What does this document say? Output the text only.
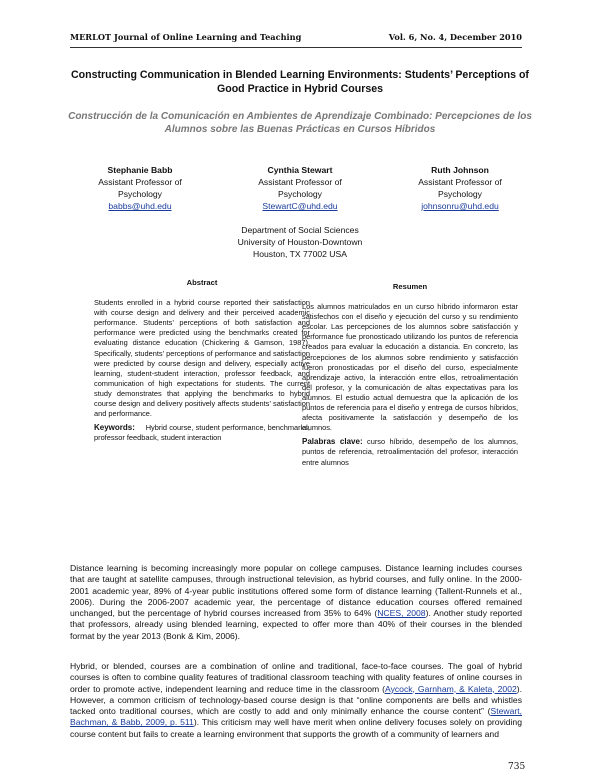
MERLOT Journal of Online Learning and Teaching	Vol. 6, No. 4, December 2010
Constructing Communication in Blended Learning Environments: Students’ Perceptions of Good Practice in Hybrid Courses
Construcción de la Comunicación en Ambientes de Aprendizaje Combinado: Percepciones de los Alumnos sobre las Buenas Prácticas en Cursos Híbridos
Stephanie Babb
Assistant Professor of
Psychology
babbs@uhd.edu
Cynthia Stewart
Assistant Professor of
Psychology
StewartC@uhd.edu
Ruth Johnson
Assistant Professor of
Psychology
johnsonru@uhd.edu
Department of Social Sciences
University of Houston-Downtown
Houston, TX 77002 USA
Abstract

Students enrolled in a hybrid course reported their satisfaction with course design and delivery and their perceived academic performance. Students’ perceptions of both satisfaction and performance were predicted using the benchmarks created for evaluating distance education (Chickering & Gamson, 1987). Specifically, students’ perceptions of performance and satisfaction were predicted by course design and delivery, especially active learning, student-student interaction, professor feedback, and communication of high expectations for students. The current study demonstrates that applying the benchmarks to hybrid course design and delivery positively affects students’ satisfaction and performance.

Keywords: Hybrid course, student performance, benchmarks, professor feedback, student interaction

Resumen

Los alumnos matriculados en un curso híbrido informaron estar satisfechos con el diseño y ejecución del curso y su rendimiento escolar. Las percepciones de los alumnos sobre satisfacción y performance fue pronosticado utilizando los puntos de referencia creados para evaluar la educación a distancia. En concreto, las percepciones de los alumnos sobre rendimiento y satisfacción fueron pronosticadas por el diseño del curso, especialmente aprendizaje activo, la interacción entre ellos, retroalimentación del profesor, y la comunicación de altas expectativas para los alumnos. El estudio actual demuestra que la aplicación de los puntos de referencia para el diseño y entrega de cursos híbridos, afecta positivamente la satisfacción y desempeño de los alumnos.

Palabras clave: curso híbrido, desempeño de los alumnos, puntos de referencia, retroalimentación del profesor, interacción entre alumnos

Distance learning is becoming increasingly more popular on college campuses. Distance learning includes courses that are taught at satellite campuses, through instructional television, as hybrid courses, and fully online. In the 2000-2001 academic year, 89% of 4-year public institutions offered some form of distance learning (Tallent-Runnels et al., 2006). During the 2006-2007 academic year, the percentage of distance education courses offered remained unchanged, but the percentage of hybrid courses increased from 35% to 64% (NCES, 2008). Another study reported that professors, already using blended learning, expected to offer more than 40% of their courses in the blended format by the year 2013 (Bonk & Kim, 2006).

Hybrid, or blended, courses are a combination of online and traditional, face-to-face courses. The goal of hybrid courses is often to combine quality features of traditional classroom teaching with quality features of online courses in order to promote active, independent learning and reduce time in the classroom (Aycock, Garnham, & Kaleta, 2002). However, a common criticism of technology-based course design is that “online components are bells and whistles tacked onto traditional courses, which are costly to add and only minimally enhance the course content” (Stewart, Bachman, & Babb, 2009, p. 511). This criticism may well have merit when online delivery focuses solely on providing course content but fails to create a learning environment that supports the growth of a community of learners and

735
